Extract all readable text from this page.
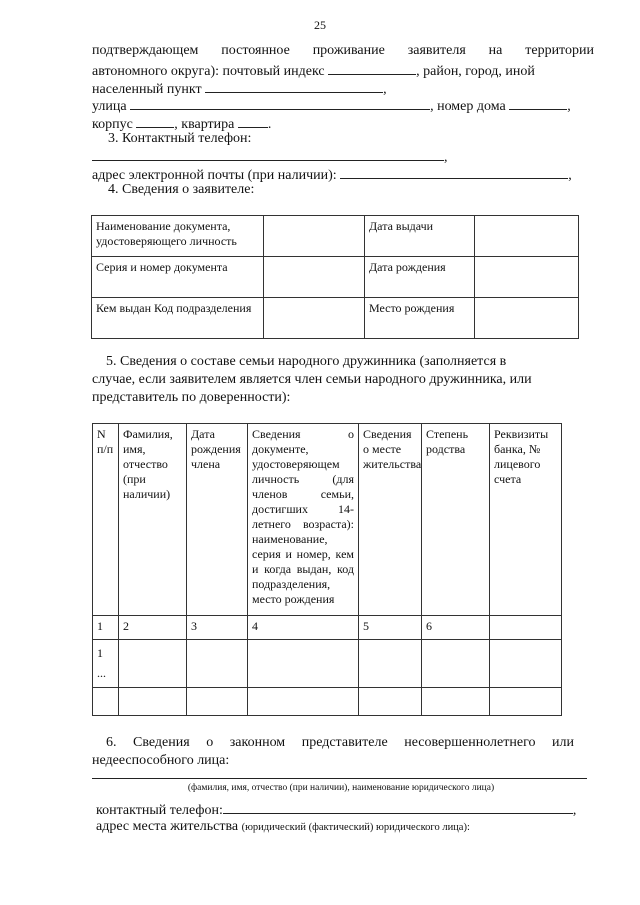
25
подтверждающем постоянное проживание заявителя на территории
автономного округа): почтовый индекс	, район, город, иной
населенный пункт	,
улица	, номер дома	,
корпус	, квартира .
3. Контактный телефон:
,
адрес электронной почты (при наличии):	,
4. Сведения о заявителе:
Наименование документа, удостоверяющего личность		Дата выдачи	
Серия и номер документа		Дата рождения	
Кем выдан Код подразделения		Место рождения	
5. Сведения о составе семьи народного дружинника (заполняется в
случае, если заявителем является член семьи народного дружинника, или
представитель по доверенности):
N п/п	Фамилия, имя, отчество (при наличии)	Дата рождения члена	Сведения о документе, удостоверяющем личность (для членов семьи, достигших 14-летнего возраста): наименование, серия и номер, кем и когда выдан, код подразделения, место рождения	Сведения о месте жительства	Степень родства	Реквизиты банка, № лицевого счета
1	2	3	4	5	6	
1 ...						

6. Сведения о законном представителе несовершеннолетнего или
недееспособного лица:
(фамилия, имя, отчество (при наличии), наименование юридического лица)
контактный телефон:	,
адрес места жительства (юридический (фактический) юридического лица):
